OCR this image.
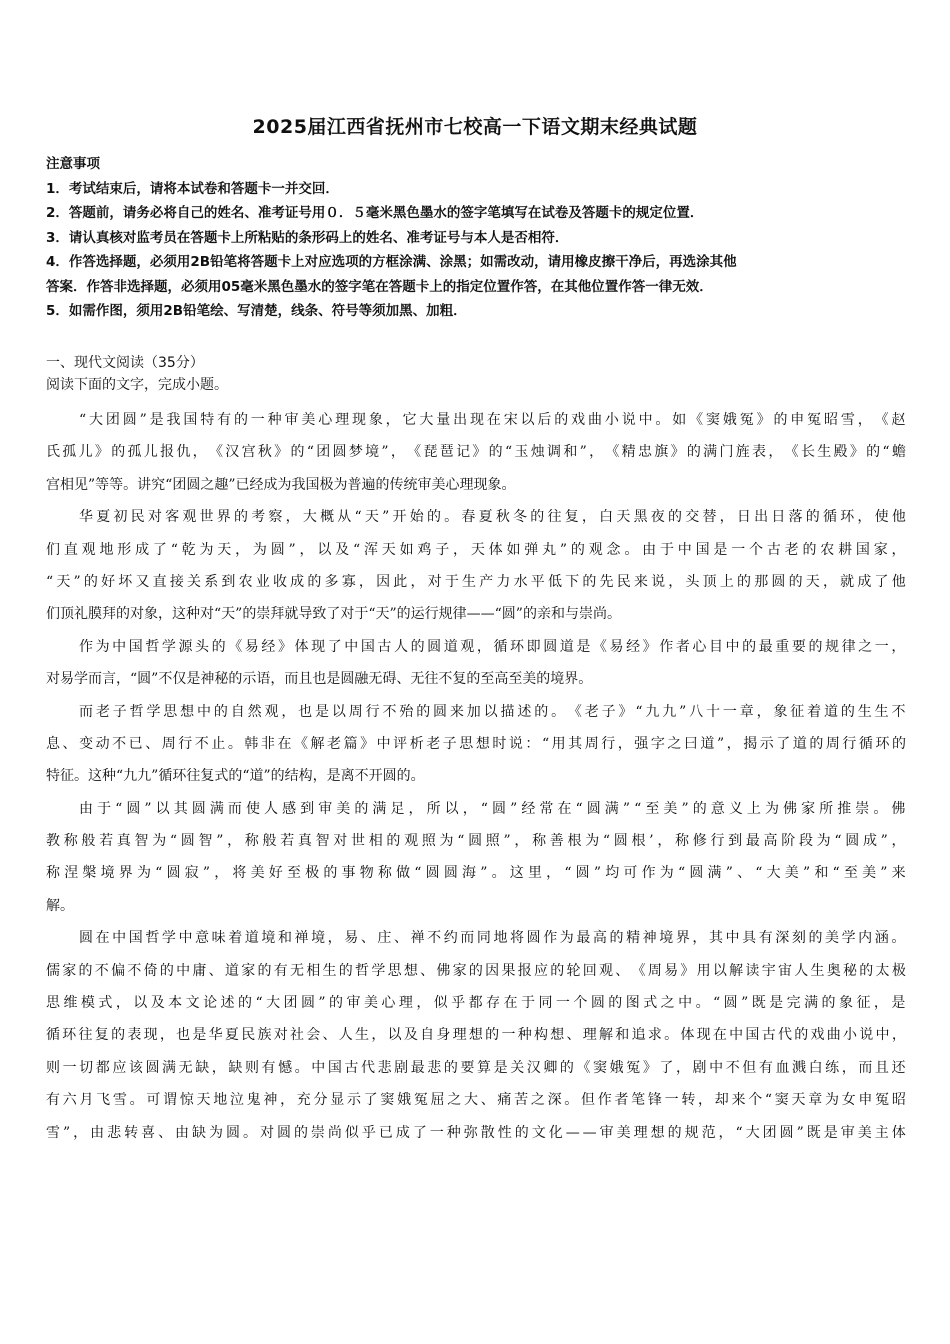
2025届江西省抚州市七校高一下语文期末经典试题
注意事项
1．考试结束后，请将本试卷和答题卡一并交回．
2．答题前，请务必将自己的姓名、准考证号用０．５毫米黑色墨水的签字笔填写在试卷及答题卡的规定位置．
3．请认真核对监考员在答题卡上所粘贴的条形码上的姓名、准考证号与本人是否相符．
4．作答选择题，必须用2B铅笔将答题卡上对应选项的方框涂满、涂黑；如需改动，请用橡皮擦干净后，再选涂其他
答案．作答非选择题，必须用05毫米黑色墨水的签字笔在答题卡上的指定位置作答，在其他位置作答一律无效．
5．如需作图，须用2B铅笔绘、写清楚，线条、符号等须加黑、加粗．
一、现代文阅读（35分）
阅读下面的文字，完成小题。
“ 大 团 圆 ” 是 我 国 特 有 的 一 种 审 美 心 理 现 象 ， 它 大 量 出 现 在 宋 以 后 的 戏 曲 小 说 中 。 如 《 窦 娥 冤 》 的 申 冤 昭 雪 ， 《 赵
氏 孤 儿 》 的 孤 儿 报 仇 ， 《 汉 宫 秋 》 的 “ 团 圆 梦 境 ” ， 《 琵 琶 记 》 的 “ 玉 烛 调 和 ” ， 《 精 忠 旗 》 的 满 门 旌 表 ， 《 长 生 殿 》 的 “ 蟾
宫相见”等等。讲究“团圆之趣”已经成为我国极为普遍的传统审美心理现象。
华 夏 初 民 对 客 观 世 界 的 考 察 ， 大 概 从 “ 天 ” 开 始 的 。 春 夏 秋 冬 的 往 复 ， 白 天 黑 夜 的 交 替 ， 日 出 日 落 的 循 环 ， 使 他
们 直 观 地 形 成 了 “ 乾 为 天 ， 为 圆 ” ， 以 及 “ 浑 天 如 鸡 子 ， 天 体 如 弹 丸 ” 的 观 念 。 由 于 中 国 是 一 个 古 老 的 农 耕 国 家 ，
“ 天 ” 的 好 坏 又 直 接 关 系 到 农 业 收 成 的 多 寡 ， 因 此 ， 对 于 生 产 力 水 平 低 下 的 先 民 来 说 ， 头 顶 上 的 那 圆 的 天 ， 就 成 了 他
们顶礼膜拜的对象，这种对“天”的崇拜就导致了对于“天”的运行规律——“圆”的亲和与崇尚。
作 为 中 国 哲 学 源 头 的 《 易 经 》 体 现 了 中 国 古 人 的 圆 道 观 ， 循 环 即 圆 道 是 《 易 经 》 作 者 心 目 中 的 最 重 要 的 规 律 之 一 ，
对易学而言，“圆”不仅是神秘的示语，而且也是圆融无碍、无往不复的至高至美的境界。
而 老 子 哲 学 思 想 中 的 自 然 观 ， 也 是 以 周 行 不 殆 的 圆 来 加 以 描 述 的 。 《 老 子 》 “ 九 九 ” 八 十 一 章 ， 象 征 着 道 的 生 生 不
息 、 变 动 不 已 、 周 行 不 止 。 韩 非 在 《 解 老 篇 》 中 评 析 老 子 思 想 时 说 ： “ 用 其 周 行 ， 强 字 之 曰 道 ” ， 揭 示 了 道 的 周 行 循 环 的
特征。这种“九九”循环往复式的“道”的结构，是离不开圆的。
由 于 “ 圆 ” 以 其 圆 满 而 使 人 感 到 审 美 的 满 足 ， 所 以 ， “ 圆 ” 经 常 在 “ 圆 满 ” “ 至 美 ” 的 意 义 上 为 佛 家 所 推 崇 。 佛
教 称 般 若 真 智 为 “ 圆 智 ” ， 称 般 若 真 智 对 世 相 的 观 照 为 “ 圆 照 ” ， 称 善 根 为 “ 圆 根 ’ ， 称 修 行 到 最 高 阶 段 为 “ 圆 成 ” ，
称 涅 槃 境 界 为 “ 圆 寂 ” ， 将 美 好 至 极 的 事 物 称 做 “ 圆 圆 海 ” 。 这 里 ， “ 圆 ” 均 可 作 为 “ 圆 满 ” 、 “ 大 美 ” 和 “ 至 美 ” 来
解。
圆 在 中 国 哲 学 中 意 味 着 道 境 和 禅 境 ， 易 、 庄 、 禅 不 约 而 同 地 将 圆 作 为 最 高 的 精 神 境 界 ， 其 中 具 有 深 刻 的 美 学 内 涵 。
儒 家 的 不 偏 不 倚 的 中 庸 、 道 家 的 有 无 相 生 的 哲 学 思 想 、 佛 家 的 因 果 报 应 的 轮 回 观 、 《 周 易 》 用 以 解 读 宇 宙 人 生 奥 秘 的 太 极
思 维 模 式 ， 以 及 本 文 论 述 的 “ 大 团 圆 ” 的 审 美 心 理 ， 似 乎 都 存 在 于 同 一 个 圆 的 图 式 之 中 。 “ 圆 ” 既 是 完 满 的 象 征 ， 是
循 环 往 复 的 表 现 ， 也 是 华 夏 民 族 对 社 会 、 人 生 ， 以 及 自 身 理 想 的 一 种 构 想 、 理 解 和 追 求 。 体 现 在 中 国 古 代 的 戏 曲 小 说 中 ，
则 一 切 都 应 该 圆 满 无 缺 ， 缺 则 有 憾 。 中 国 古 代 悲 剧 最 悲 的 要 算 是 关 汉 卿 的 《 窦 娥 冤 》 了 ， 剧 中 不 但 有 血 溅 白 练 ， 而 且 还
有 六 月 飞 雪 。 可 谓 惊 天 地 泣 鬼 神 ， 充 分 显 示 了 窦 娥 冤 屈 之 大 、 痛 苦 之 深 。 但 作 者 笔 锋 一 转 ， 却 来 个 “ 窦 天 章 为 女 申 冤 昭
雪 ” ， 由 悲 转 喜 、 由 缺 为 圆 。 对 圆 的 崇 尚 似 乎 已 成 了 一 种 弥 散 性 的 文 化 — — 审 美 理 想 的 规 范 ， “ 大 团 圆 ” 既 是 审 美 主 体
